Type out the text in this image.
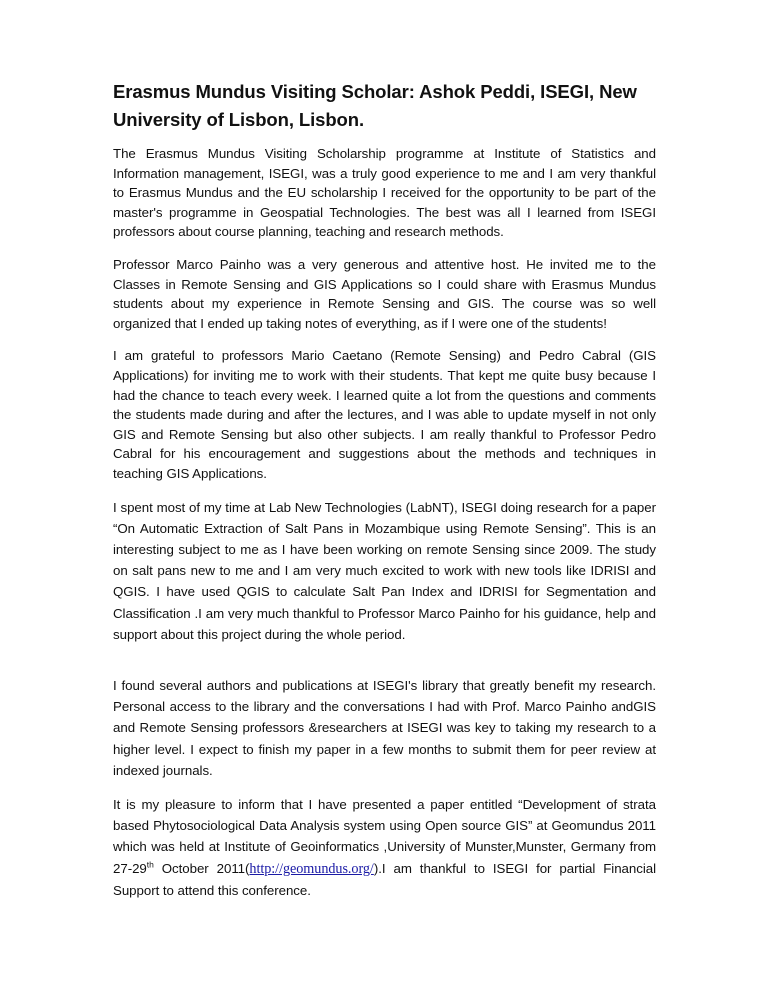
Erasmus Mundus Visiting Scholar: Ashok Peddi, ISEGI, New University of Lisbon, Lisbon.

The Erasmus Mundus Visiting Scholarship programme at Institute of Statistics and Information management, ISEGI, was a truly good experience to me and I am very thankful to Erasmus Mundus and the EU scholarship I received for the opportunity to be part of the master's programme in Geospatial Technologies. The best was all I learned from ISEGI professors about course planning, teaching and research methods.

Professor Marco Painho was a very generous and attentive host. He invited me to the Classes in Remote Sensing and GIS Applications so I could share with Erasmus Mundus students about my experience in Remote Sensing and GIS. The course was so well organized that I ended up taking notes of everything, as if I were one of the students!

I am grateful to professors Mario Caetano (Remote Sensing) and Pedro Cabral (GIS Applications) for inviting me to work with their students. That kept me quite busy because I had the chance to teach every week. I learned quite a lot from the questions and comments the students made during and after the lectures, and I was able to update myself in not only GIS and Remote Sensing but also other subjects. I am really thankful to Professor Pedro Cabral for his encouragement and suggestions about the methods and techniques in teaching GIS Applications.

I spent most of my time at Lab New Technologies (LabNT), ISEGI doing research for a paper “On Automatic Extraction of Salt Pans in Mozambique using Remote Sensing”. This is an interesting subject to me as I have been working on remote Sensing since 2009. The study on salt pans new to me and I am very much excited to work with new tools like IDRISI and QGIS. I have used QGIS to calculate Salt Pan Index and IDRISI for Segmentation and Classification .I am very much thankful to Professor Marco Painho for his guidance, help and support about this project during the whole period.

I found several authors and publications at ISEGI's library that greatly benefit my research. Personal access to the library and the conversations I had with Prof. Marco Painho andGIS and Remote Sensing professors &researchers at ISEGI was key to taking my research to a higher level. I expect to finish my paper in a few months to submit them for peer review at indexed journals.

It is my pleasure to inform that I have presented a paper entitled “Development of strata based Phytosociological Data Analysis system using Open source GIS” at Geomundus 2011 which was held at Institute of Geoinformatics ,University of Munster,Munster, Germany from 27-29th October 2011(http://geomundus.org/).I am thankful to ISEGI for partial Financial Support to attend this conference.
